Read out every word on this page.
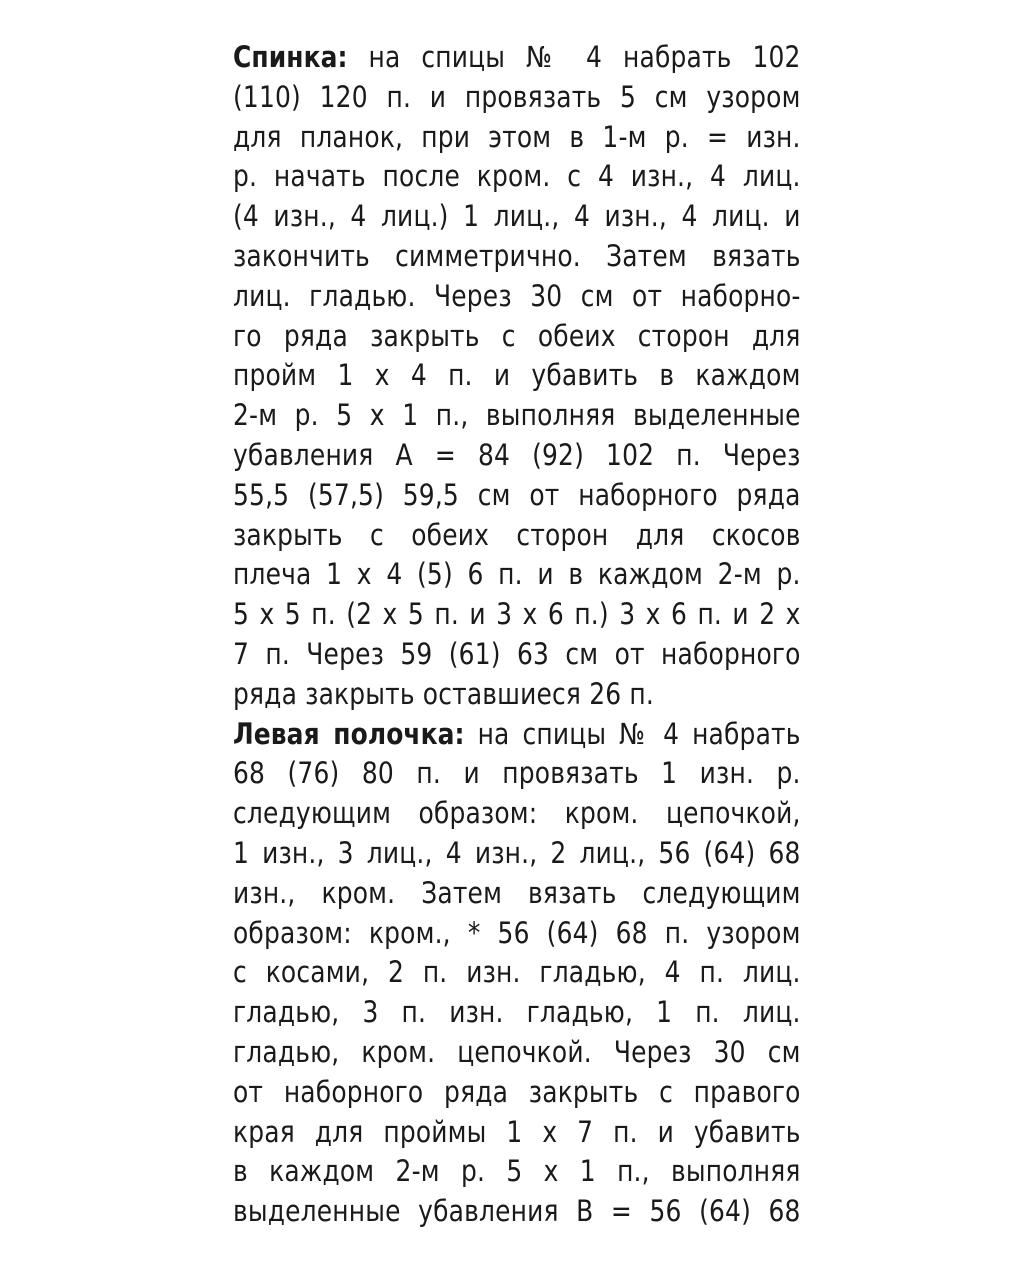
Спинка: на спицы № 4 набрать 102
(110) 120 п. и провязать 5 см узором
для планок, при этом в 1-м р. = изн.
р. начать после кром. с 4 изн., 4 лиц.
(4 изн., 4 лиц.) 1 лиц., 4 изн., 4 лиц. и
закончить симметрично. Затем вязать
лиц. гладью. Через 30 см от наборно-
го ряда закрыть с обеих сторон для
пройм 1 х 4 п. и убавить в каждом
2-м р. 5 х 1 п., выполняя выделенные
убавления А = 84 (92) 102 п. Через
55,5 (57,5) 59,5 см от наборного ряда
закрыть с обеих сторон для скосов
плеча 1 х 4 (5) 6 п. и в каждом 2-м р.
5 х 5 п. (2 х 5 п. и 3 х 6 п.) 3 х 6 п. и 2 х
7 п. Через 59 (61) 63 см от наборного
ряда закрыть оставшиеся 26 п.
Левая полочка: на спицы № 4 набрать
68 (76) 80 п. и провязать 1 изн. р.
следующим образом: кром. цепочкой,
1 изн., 3 лиц., 4 изн., 2 лиц., 56 (64) 68
изн., кром. Затем вязать следующим
образом: кром., * 56 (64) 68 п. узором
с косами, 2 п. изн. гладью, 4 п. лиц.
гладью, 3 п. изн. гладью, 1 п. лиц.
гладью, кром. цепочкой. Через 30 см
от наборного ряда закрыть с правого
края для проймы 1 х 7 п. и убавить
в каждом 2-м р. 5 х 1 п., выполняя
выделенные убавления В = 56 (64) 68
